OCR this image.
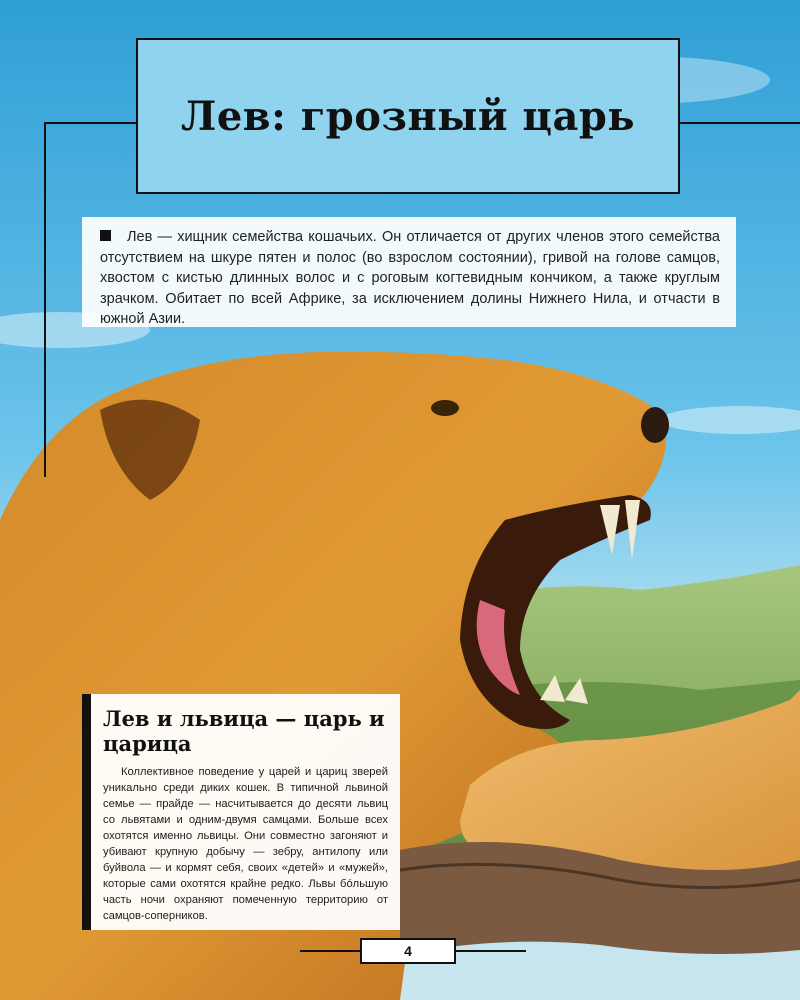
Лев: грозный царь
Лев — хищник семейства кошачьих. Он отличается от других членов этого семейства отсутствием на шкуре пятен и полос (во взрослом состоянии), гривой на голове самцов, хвостом с кистью длинных волос и с роговым когтевидным кончиком, а также круглым зрачком. Обитает по всей Африке, за исключением долины Нижнего Нила, и отчасти в южной Азии.
Лев и львица — царь и царица

Коллективное поведение у царей и цариц зверей уникально среди диких кошек. В типичной львиной семье — прайде — насчитывается до десяти львиц со львятами и одним-двумя самцами. Больше всех охотятся именно львицы. Они совместно загоняют и убивают крупную добычу — зебру, антилопу или буйвола — и кормят себя, своих «детей» и «мужей», которые сами охотятся крайне редко. Львы бóльшую часть ночи охраняют помеченную территорию от самцов-соперников.

4
